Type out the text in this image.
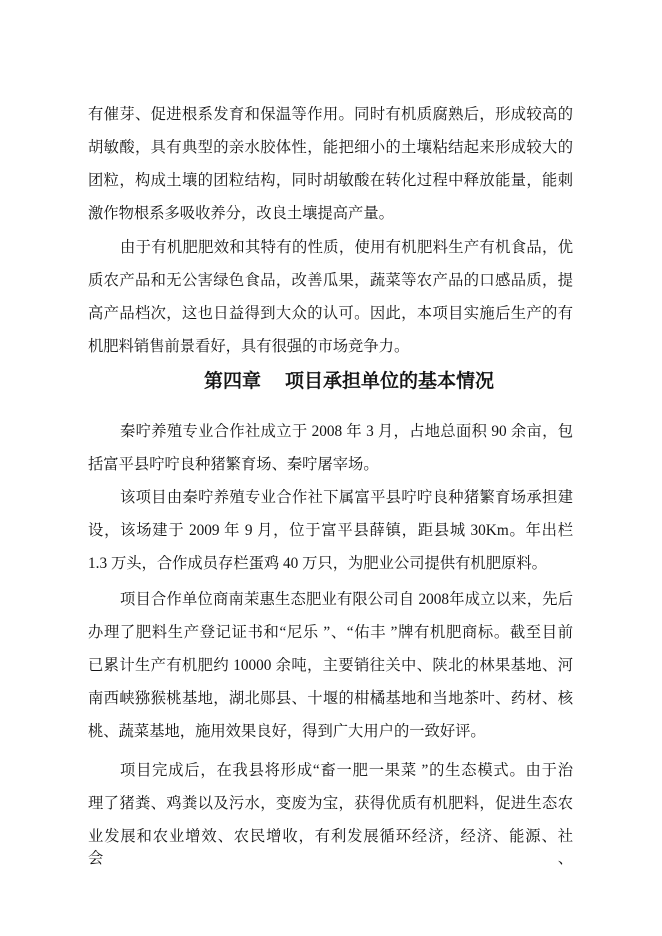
有催芽、促进根系发育和保温等作用。同时有机质腐熟后，形成较高的
胡敏酸，具有典型的亲水胶体性，能把细小的土壤粘结起来形成较大的
团粒，构成土壤的团粒结构，同时胡敏酸在转化过程中释放能量，能刺
激作物根系多吸收养分，改良土壤提高产量。
由于有机肥肥效和其特有的性质，使用有机肥料生产有机食品，优
质农产品和无公害绿色食品，改善瓜果，蔬菜等农产品的口感品质，提
高产品档次，这也日益得到大众的认可。因此，本项目实施后生产的有
机肥料销售前景看好，具有很强的市场竞争力。
第四章 项目承担单位的基本情况
秦咛养殖专业合作社成立于 2008 年 3 月，占地总面积 90 余亩，包
括富平县咛咛良种猪繁育场、秦咛屠宰场。
该项目由秦咛养殖专业合作社下属富平县咛咛良种猪繁育场承担建
设，该场建于 2009 年 9 月，位于富平县薛镇，距县城 30Km。年出栏
1.3 万头，合作成员存栏蛋鸡 40 万只，为肥业公司提供有机肥原料。
项目合作单位商南茉惠生态肥业有限公司自 2008年成立以来，先后
办理了肥料生产登记证书和“尼乐 ”、“佑丰 ”牌有机肥商标。截至目前
已累计生产有机肥约 10000 余吨，主要销往关中、陕北的林果基地、河
南西峡猕猴桃基地，湖北郧县、十堰的柑橘基地和当地茶叶、药材、核
桃、蔬菜基地，施用效果良好，得到广大用户的一致好评。
项目完成后，在我县将形成“畜一肥一果菜 ”的生态模式。由于治
理了猪粪、鸡粪以及污水，变废为宝，获得优质有机肥料，促进生态农
业发展和农业增效、农民增收，有利发展循环经济，经济、能源、社会、
